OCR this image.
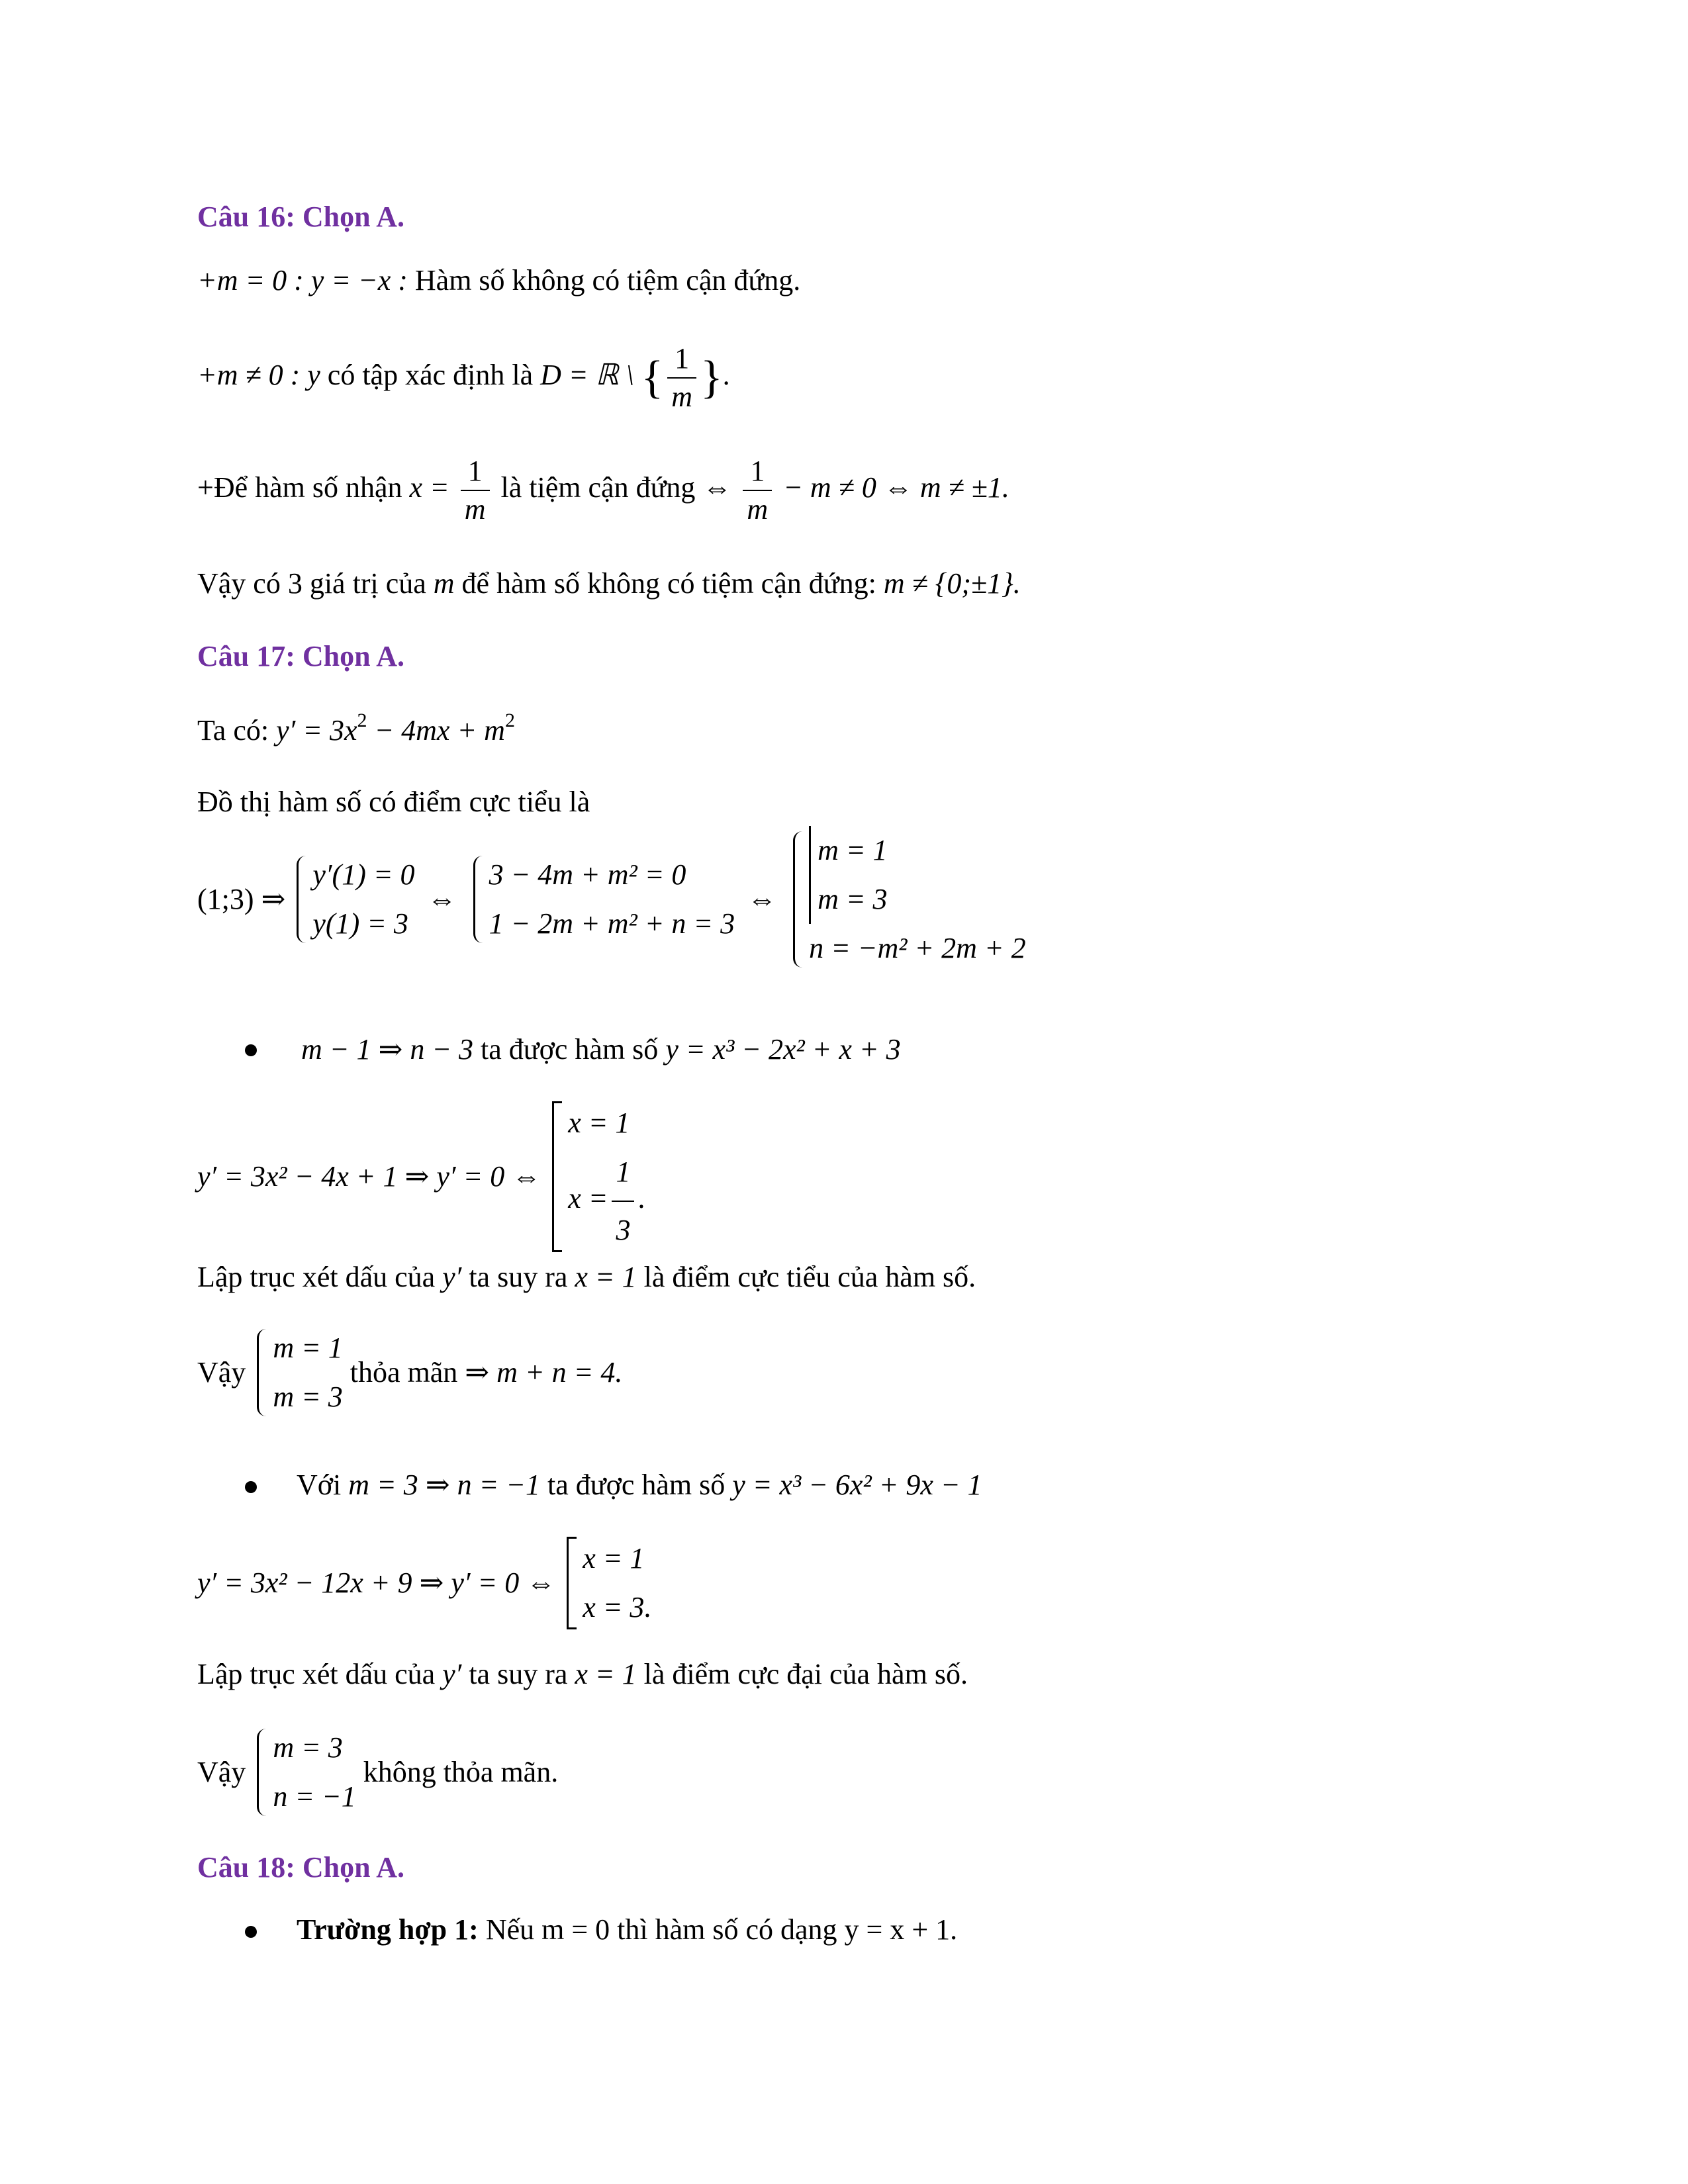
Câu 16: Chọn A.
+m = 0 : y = −x : Hàm số không có tiệm cận đứng.
+m ≠ 0 : y có tập xác định là D = ℝ \ { $\frac{1}{m}$ }.
+Để hàm số nhận $x = \frac{1}{m}$ là tiệm cận đứng ⇔ $\frac{1}{m} - m \ne 0$ ⇔ m ≠ ±1.
Vậy có 3 giá trị của m để hàm số không có tiệm cận đứng: m ≠ {0;±1}.
Câu 17: Chọn A.
Ta có: $y' = 3x^2 - 4mx + m^2$
Đồ thị hàm số có điểm cực tiểu là
(1;3) ⇒
y′(1) = 0
y(1) = 3
⇔
3 − 4m + m² = 0
1 − 2m + m² + n = 3
⇔
m = 1
m = 3
n = −m² + 2m + 2
m − 1 ⇒ n − 3 ta được hàm số y = x³ − 2x² + x + 3
y′ = 3x² − 4x + 1 ⇒ y′ = 0 ⇔
x = 1
$x = \frac{1}{3}$ .
Lập trục xét dấu của y′ ta suy ra x = 1 là điểm cực tiểu của hàm số.
Vậy
m = 1
m = 3
thỏa mãn ⇒ m + n = 4.
Với m = 3 ⇒ n = −1 ta được hàm số y = x³ − 6x² + 9x − 1
y′ = 3x² − 12x + 9 ⇒ y′ = 0 ⇔
x = 1
x = 3.
Lập trục xét dấu của y′ ta suy ra x = 1 là điểm cực đại của hàm số.
Vậy
m = 3
n = −1
không thỏa mãn.
Câu 18: Chọn A.
Trường hợp 1: Nếu m = 0 thì hàm số có dạng y = x + 1.
